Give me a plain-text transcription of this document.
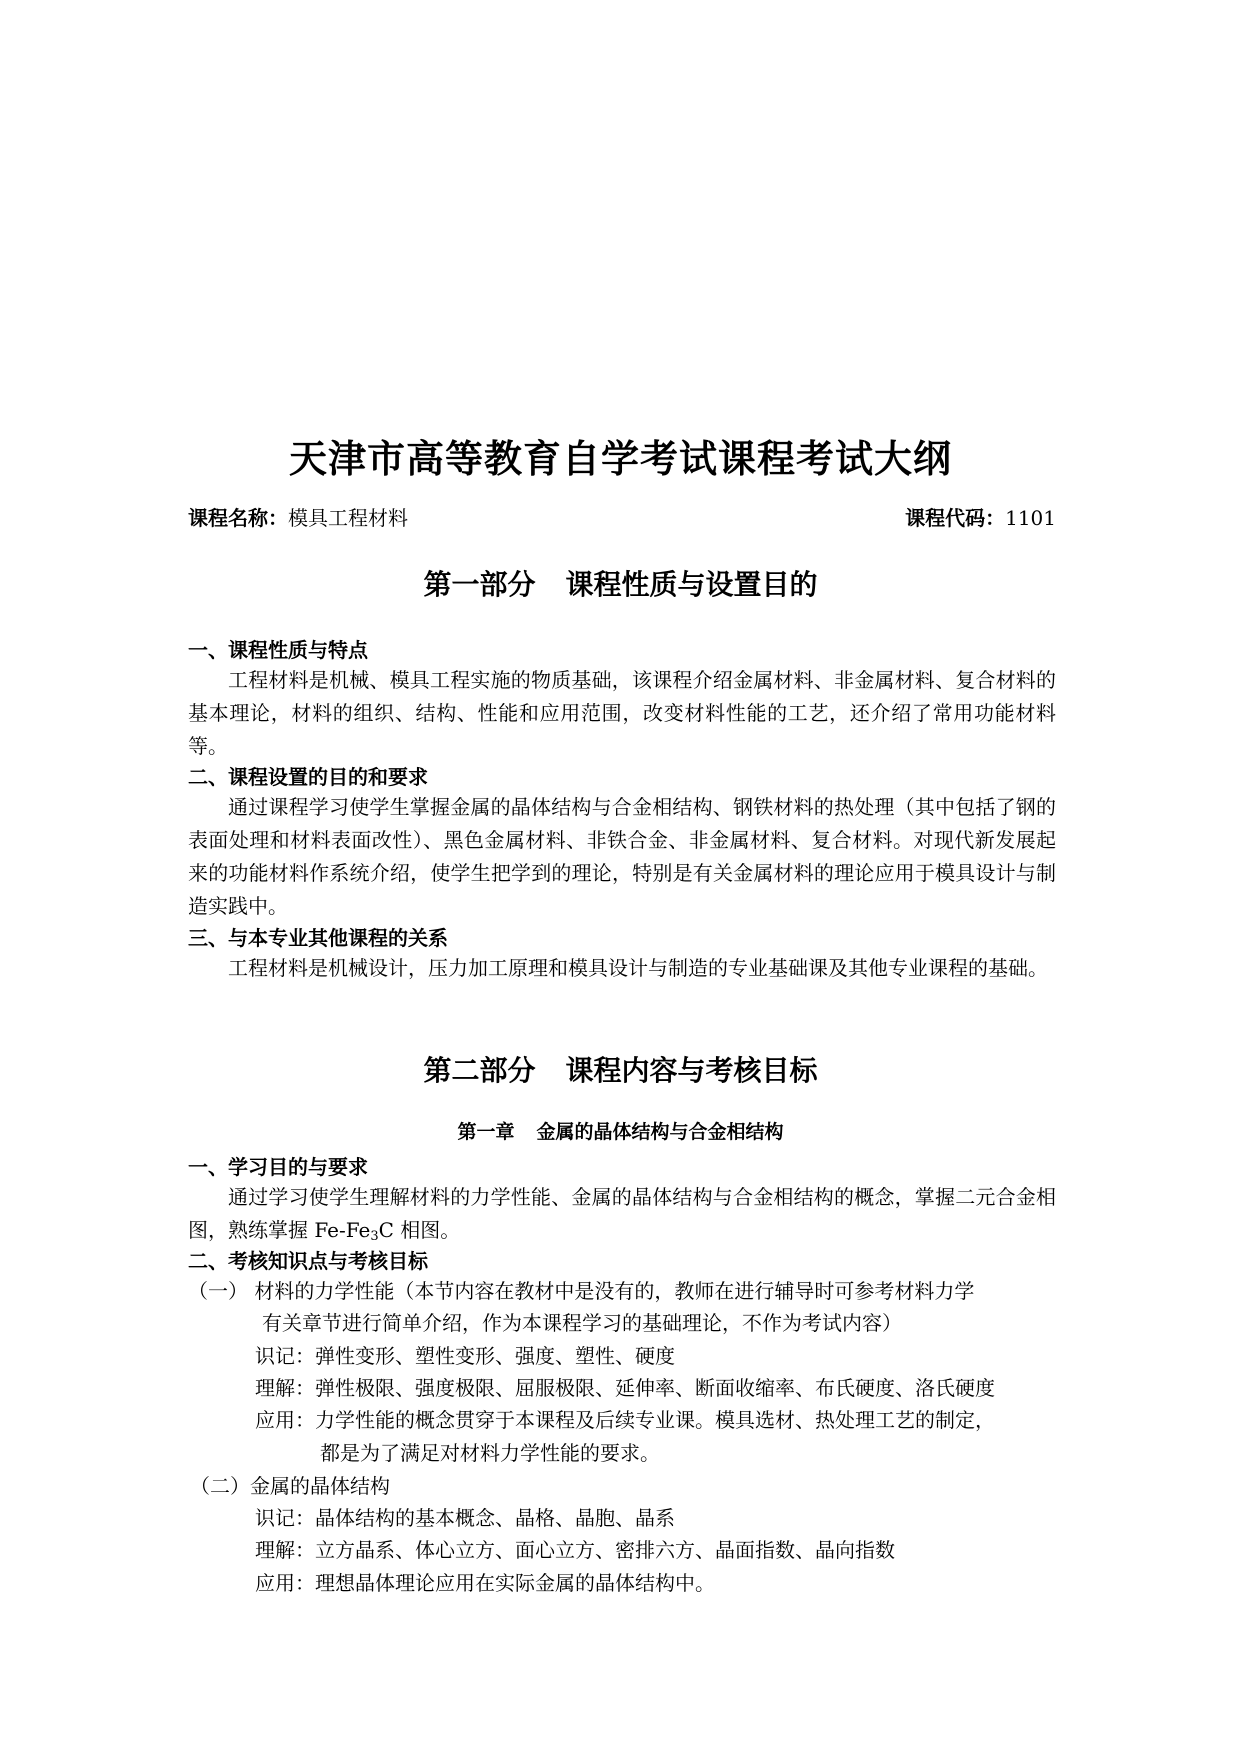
天津市高等教育自学考试课程考试大纲
课程名称：模具工程材料	课程代码：1101
第一部分 课程性质与设置目的
一、课程性质与特点
工程材料是机械、模具工程实施的物质基础，该课程介绍金属材料、非金属材料、复合材料的基本理论，材料的组织、结构、性能和应用范围，改变材料性能的工艺，还介绍了常用功能材料等。
二、课程设置的目的和要求
通过课程学习使学生掌握金属的晶体结构与合金相结构、钢铁材料的热处理（其中包括了钢的表面处理和材料表面改性）、黑色金属材料、非铁合金、非金属材料、复合材料。对现代新发展起来的功能材料作系统介绍，使学生把学到的理论，特别是有关金属材料的理论应用于模具设计与制造实践中。
三、与本专业其他课程的关系
工程材料是机械设计，压力加工原理和模具设计与制造的专业基础课及其他专业课程的基础。
第二部分 课程内容与考核目标
第一章 金属的晶体结构与合金相结构
一、学习目的与要求
通过学习使学生理解材料的力学性能、金属的晶体结构与合金相结构的概念，掌握二元合金相图，熟练掌握 $Fe-Fe_3C$ 相图。
二、考核知识点与考核目标
（一） 材料的力学性能（本节内容在教材中是没有的，教师在进行辅导时可参考材料力学
有关章节进行简单介绍，作为本课程学习的基础理论，不作为考试内容）
识记：弹性变形、塑性变形、强度、塑性、硬度
理解：弹性极限、强度极限、屈服极限、延伸率、断面收缩率、布氏硬度、洛氏硬度
应用：力学性能的概念贯穿于本课程及后续专业课。模具选材、热处理工艺的制定，
都是为了满足对材料力学性能的要求。
（二）金属的晶体结构
识记：晶体结构的基本概念、晶格、晶胞、晶系
理解：立方晶系、体心立方、面心立方、密排六方、晶面指数、晶向指数
应用：理想晶体理论应用在实际金属的晶体结构中。
